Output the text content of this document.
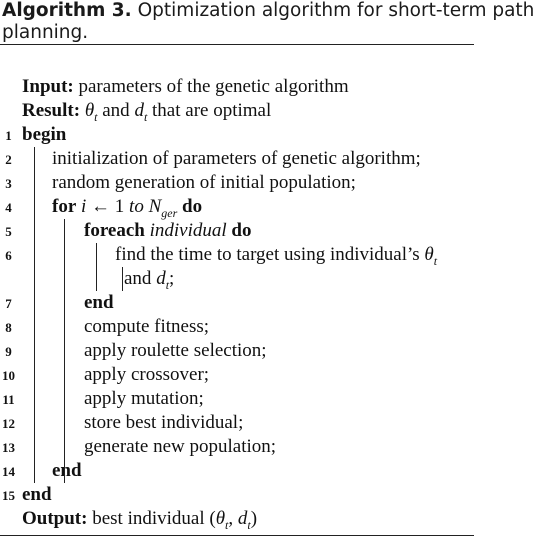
Algorithm 3. Optimization algorithm for short-term path
planning.
Input: parameters of the genetic algorithm
Result: $\theta_t$ and $d_t$ that are optimal
1 begin
2 initialization of parameters of genetic algorithm;
3 random generation of initial population;
4 for i ← 1 to $N_{ger}$ do
5	foreach individual do
6	find the time to target using individual’s $\theta_t$
and $d_t$;
7	end
8	compute fitness;
9	apply roulette selection;
10	apply crossover;
11	apply mutation;
12	store best individual;
13	generate new population;
14 end
15 end
Output: best individual ($\theta_t$, $d_t$)
